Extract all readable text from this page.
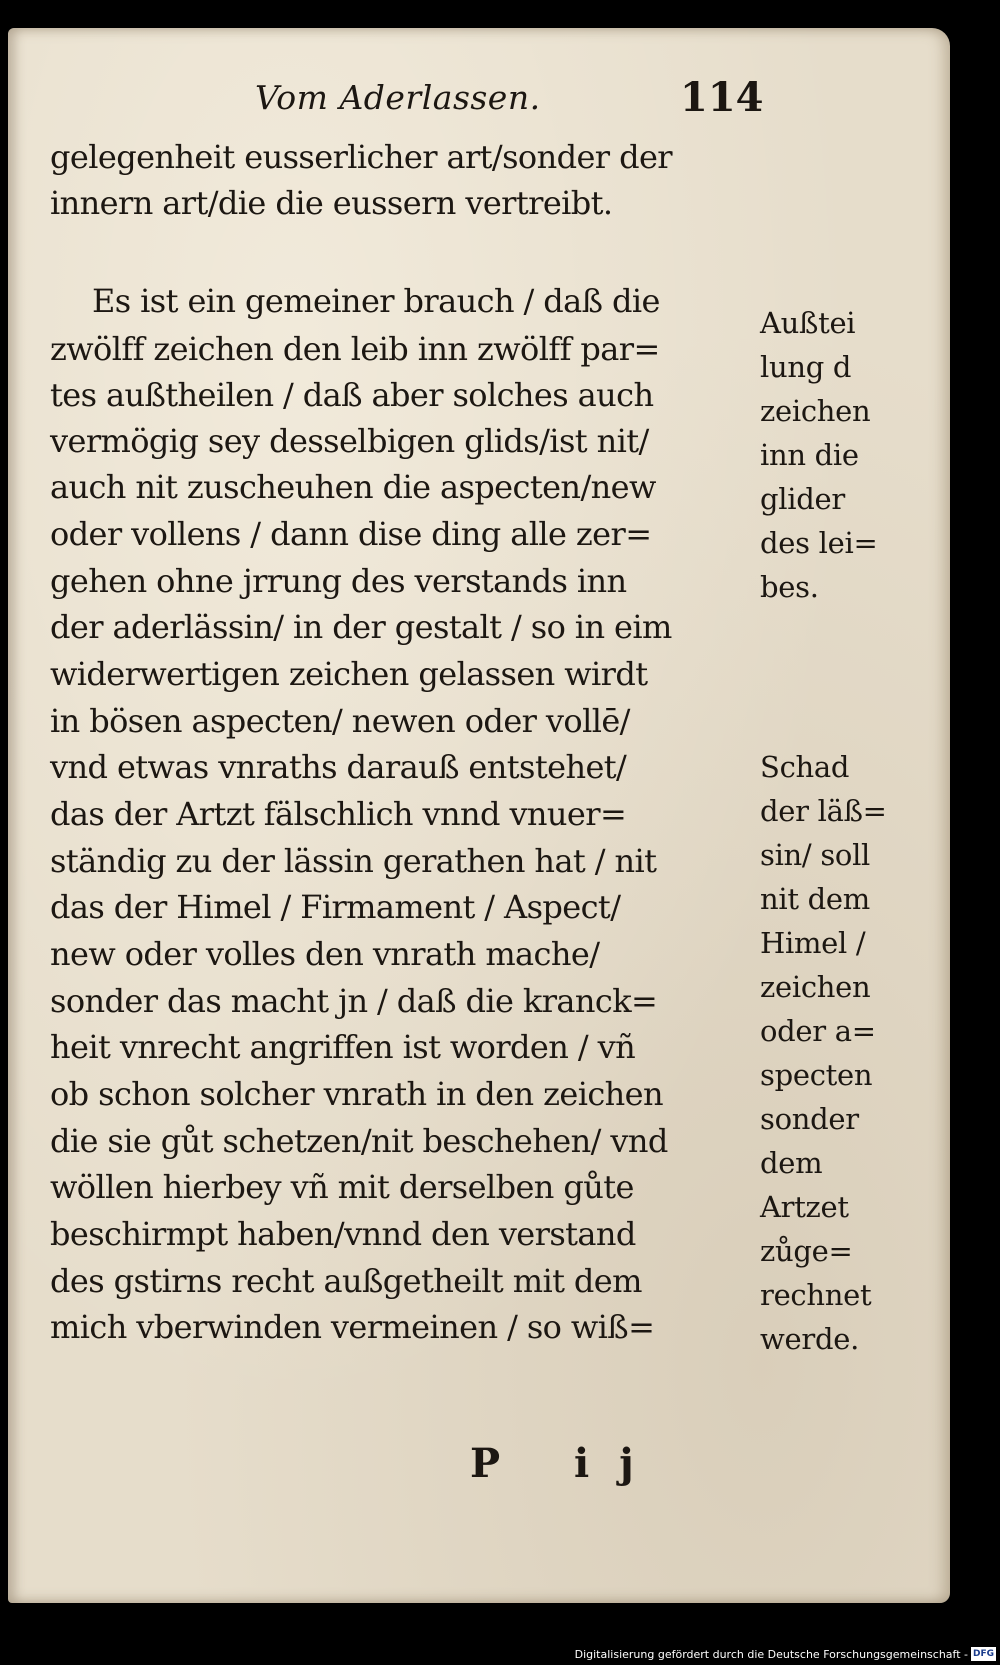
Vom Aderlassen.	114
gelegenheit eusserlicher art/sonder der
innern art/die die eussern vertreibt.
Es ist ein gemeiner brauch / daß die
zwölff zeichen den leib inn zwölff par=
tes außtheilen / daß aber solches auch
vermögig sey desselbigen glids/ist nit/
auch nit zuscheuhen die aspecten/new
oder vollens / dann dise ding alle zer=
gehen ohne jrrung des verstands inn
der aderlässin/ in der gestalt / so in eim
widerwertigen zeichen gelassen wirdt
in bösen aspecten/ newen oder vollē/
vnd etwas vnraths darauß entstehet/
das der Artzt fälschlich vnnd vnuer=
ständig zu der lässin gerathen hat / nit
das der Himel / Firmament / Aspect/
new oder volles den vnrath mache/
sonder das macht jn / daß die kranck=
heit vnrecht angriffen ist worden / vñ
ob schon solcher vnrath in den zeichen
die sie gůt schetzen/nit beschehen/ vnd
wöllen hierbey vñ mit derselben gůte
beschirmpt haben/vnnd den verstand
des gstirns recht außgetheilt mit dem
mich vberwinden vermeinen / so wiß=
Außtei
lung d
zeichen
inn die
glider
des lei=
bes.
Schad
der läß=
sin/ soll
nit dem
Himel /
zeichen
oder a=
specten
sonder
dem
Artzet
zůge=
rechnet
werde.
P ij
Digitalisierung gefördert durch die Deutsche Forschungsgemeinschaft - DFG
